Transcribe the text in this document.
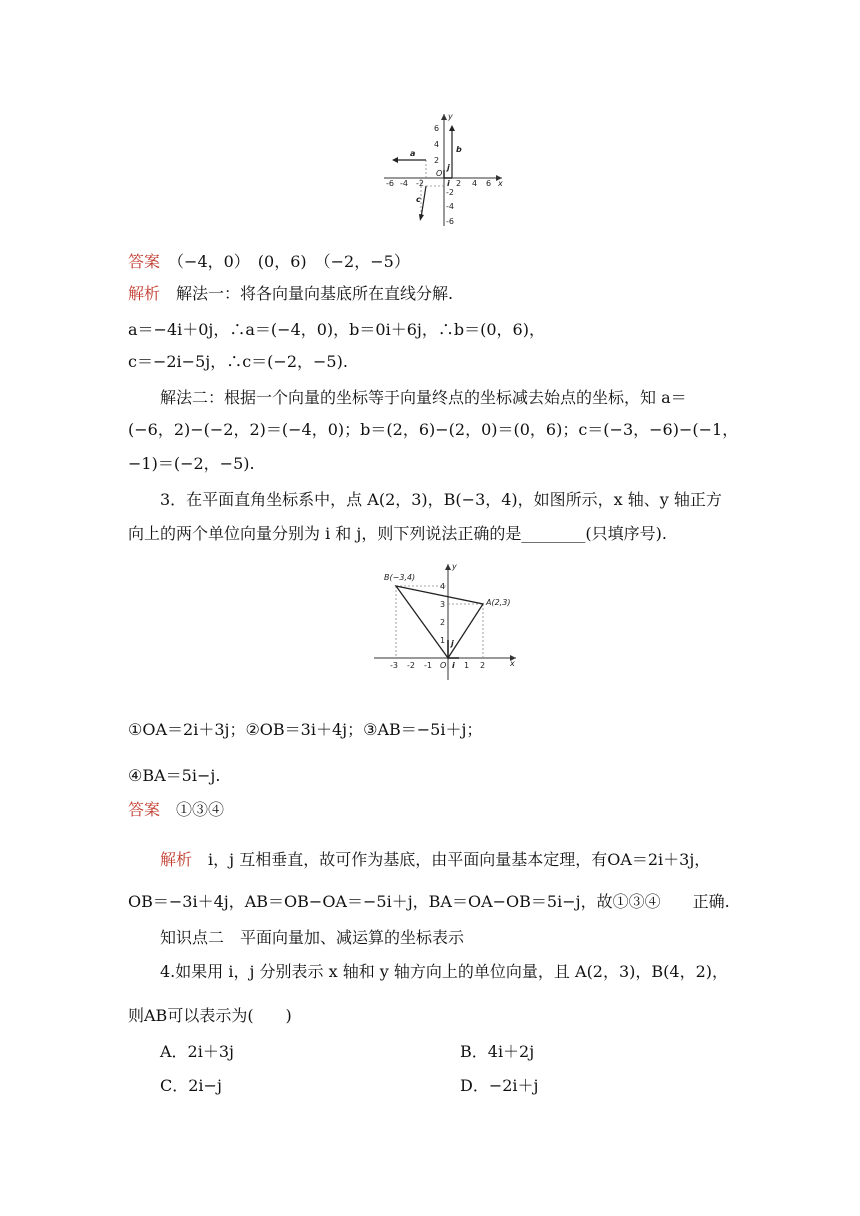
-6 -4 -2	2 4 6
6
4
2
-2
-4
-6
x
y
O
a	b
c
i
j
答案　 （−4，0）　(0，6)　（−2，−5）
解析　 解法一：将各向量向基底所在直线分解.
a＝−4i＋0j，∴a＝(−4，0)，b＝0i＋6j，∴b＝(0，6)，
c＝−2i−5j，∴c＝(−2，−5).
解法二：根据一个向量的坐标等于向量终点的坐标减去始点的坐标，知 a＝
(−6，2)−(−2，2)＝(−4，0)；b＝(2，6)−(2，0)＝(0，6)；c＝(−3，−6)−(−1，
−1)＝(−2，−5).
3．在平面直角坐标系中，点 A(2，3)，B(−3，4)，如图所示，x 轴、y 轴正方
向上的两个单位向量分别为 i 和 j，则下列说法正确的是________(只填序号).
B(−3,4)
A(2,3)
-3 -2 -1	1 2
4
3
2
1
x
y
O i
j
①OA＝2i＋3j；②OB＝3i＋4j；③AB＝−5i＋j；
④BA＝5i−j.
答案　 ①③④
解析　 i，j 互相垂直，故可作为基底，由平面向量基本定理，有OA＝2i＋3j，
OB＝−3i＋4j，AB＝OB−OA＝−5i＋j，BA＝OA−OB＝5i−j，故①③④　　正确.
知识点二　平面向量加、减运算的坐标表示
4.如果用 i，j 分别表示 x 轴和 y 轴方向上的单位向量，且 A(2，3)，B(4，2)，
则AB可以表示为(　　)
A．2i＋3j	B．4i＋2j
C．2i−j	D．−2i＋j
